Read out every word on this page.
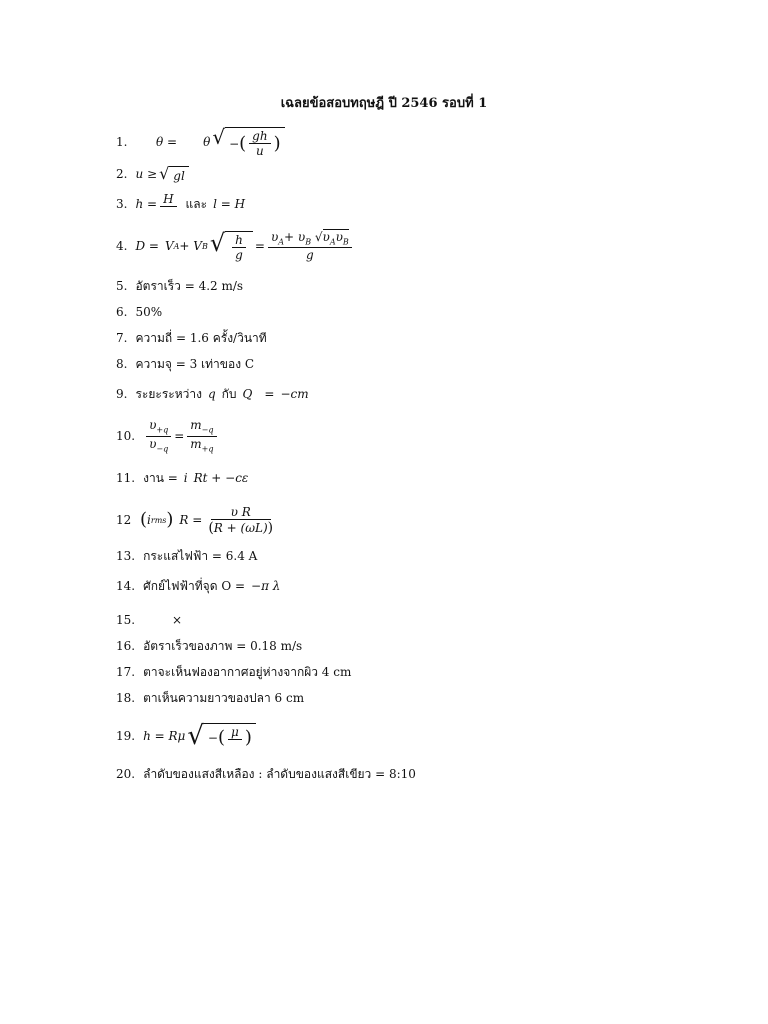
เฉลยข้อสอบทฤษฎี ปี 2546 รอบที่ 1
1.	θ = θ √ − ( $\frac{gh}{u}$ )
2. u ≥ √ gl
3. h = H และ l = H
4. D = V A + V B √ $\frac{h}{g} = \frac{\upsilon_A+ \upsilon_B √\upsilon_A\upsilon_B}{g}$
5. อัตราเร็ว = 4.2 m/s
6. 50%
7. ความถี่ = 1.6 ครั้ง/วินาที
8. ความจุ = 3 เท่าของ C
9. ระยะระหว่าง q กับ Q = −cm
10. $\frac{\upsilon_{+q}}{\upsilon_{-q}} = \frac{m_{-q}}{m_{+q}}$
11. งาน = i Rt + −cε
12 ( i rms ) $R = \frac{\text{υ R}}{(R + (\omega L))}$
13. กระแสไฟฟ้า = 6.4 A
14. ศักย์ไฟฟ้าที่จุด O = −π λ
15.	×
16. อัตราเร็วของภาพ = 0.18 m/s
17. ตาจะเห็นฟองอากาศอยู่ห่างจากผิว 4 cm
18. ตาเห็นความยาวของปลา 6 cm
19. h = Rμ √ − ( μ )
20. ลำดับของแสงสีเหลือง : ลำดับของแสงสีเขียว = 8:10
